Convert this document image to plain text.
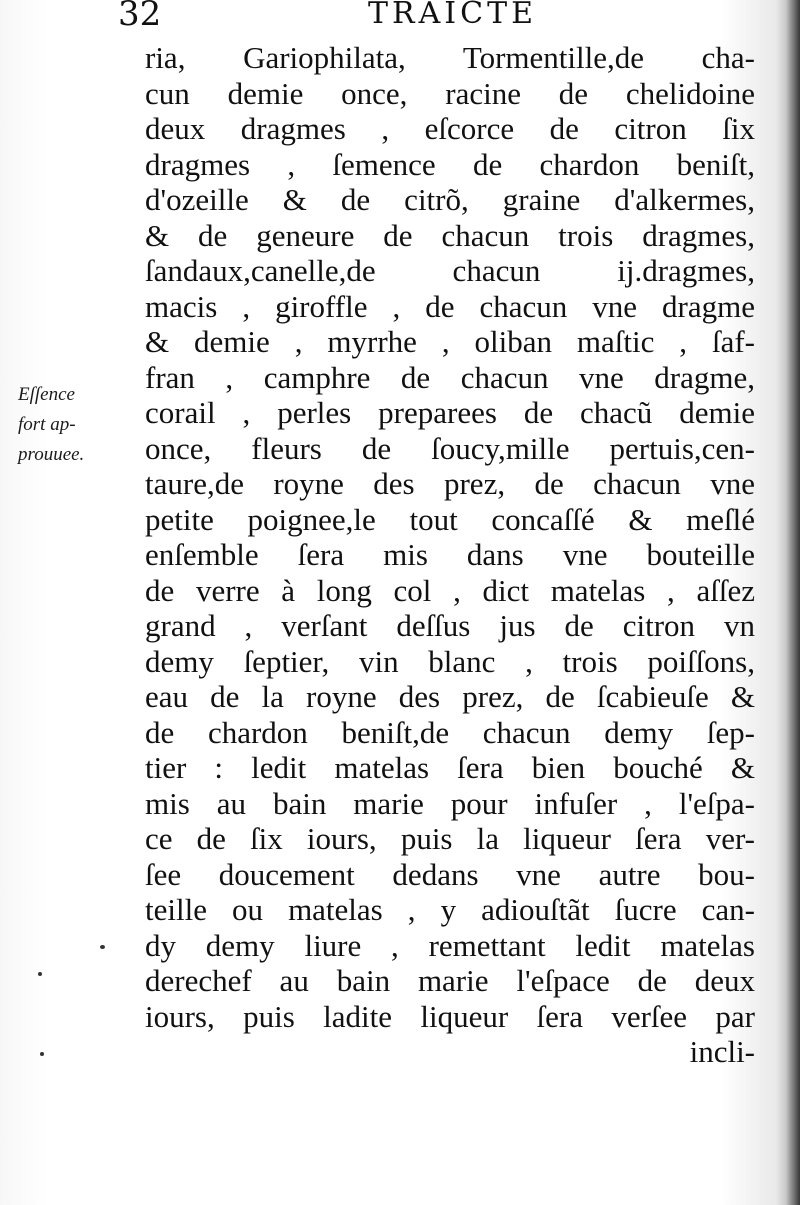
32	TRAICTE
Eſſence
fort ap-
prouuee.
ria, Gariophilata, Tormentille,de cha-
cun demie once, racine de chelidoine
deux dragmes , eſcorce de citron ſix
dragmes , ſemence de chardon beniſt,
d'ozeille & de citrõ, graine d'alkermes,
& de geneure de chacun trois dragmes,
ſandaux,canelle,de chacun ij.dragmes,
macis , giroffle , de chacun vne dragme
& demie , myrrhe , oliban maſtic , ſaf-
fran , camphre de chacun vne dragme,
corail , perles preparees de chacũ demie
once, fleurs de ſoucy,mille pertuis,cen-
taure,de royne des prez, de chacun vne
petite poignee,le tout concaſſé & meſlé
enſemble ſera mis dans vne bouteille
de verre à long col , dict matelas , aſſez
grand , verſant deſſus jus de citron vn
demy ſeptier, vin blanc , trois poiſſons,
eau de la royne des prez, de ſcabieuſe &
de chardon beniſt,de chacun demy ſep-
tier : ledit matelas ſera bien bouché &
mis au bain marie pour infuſer , l'eſpa-
ce de ſix iours, puis la liqueur ſera ver-
ſee doucement dedans vne autre bou-
teille ou matelas , y adiouſtãt ſucre can-
dy demy liure , remettant ledit matelas
derechef au bain marie l'eſpace de deux
iours, puis ladite liqueur ſera verſee par
incli-
